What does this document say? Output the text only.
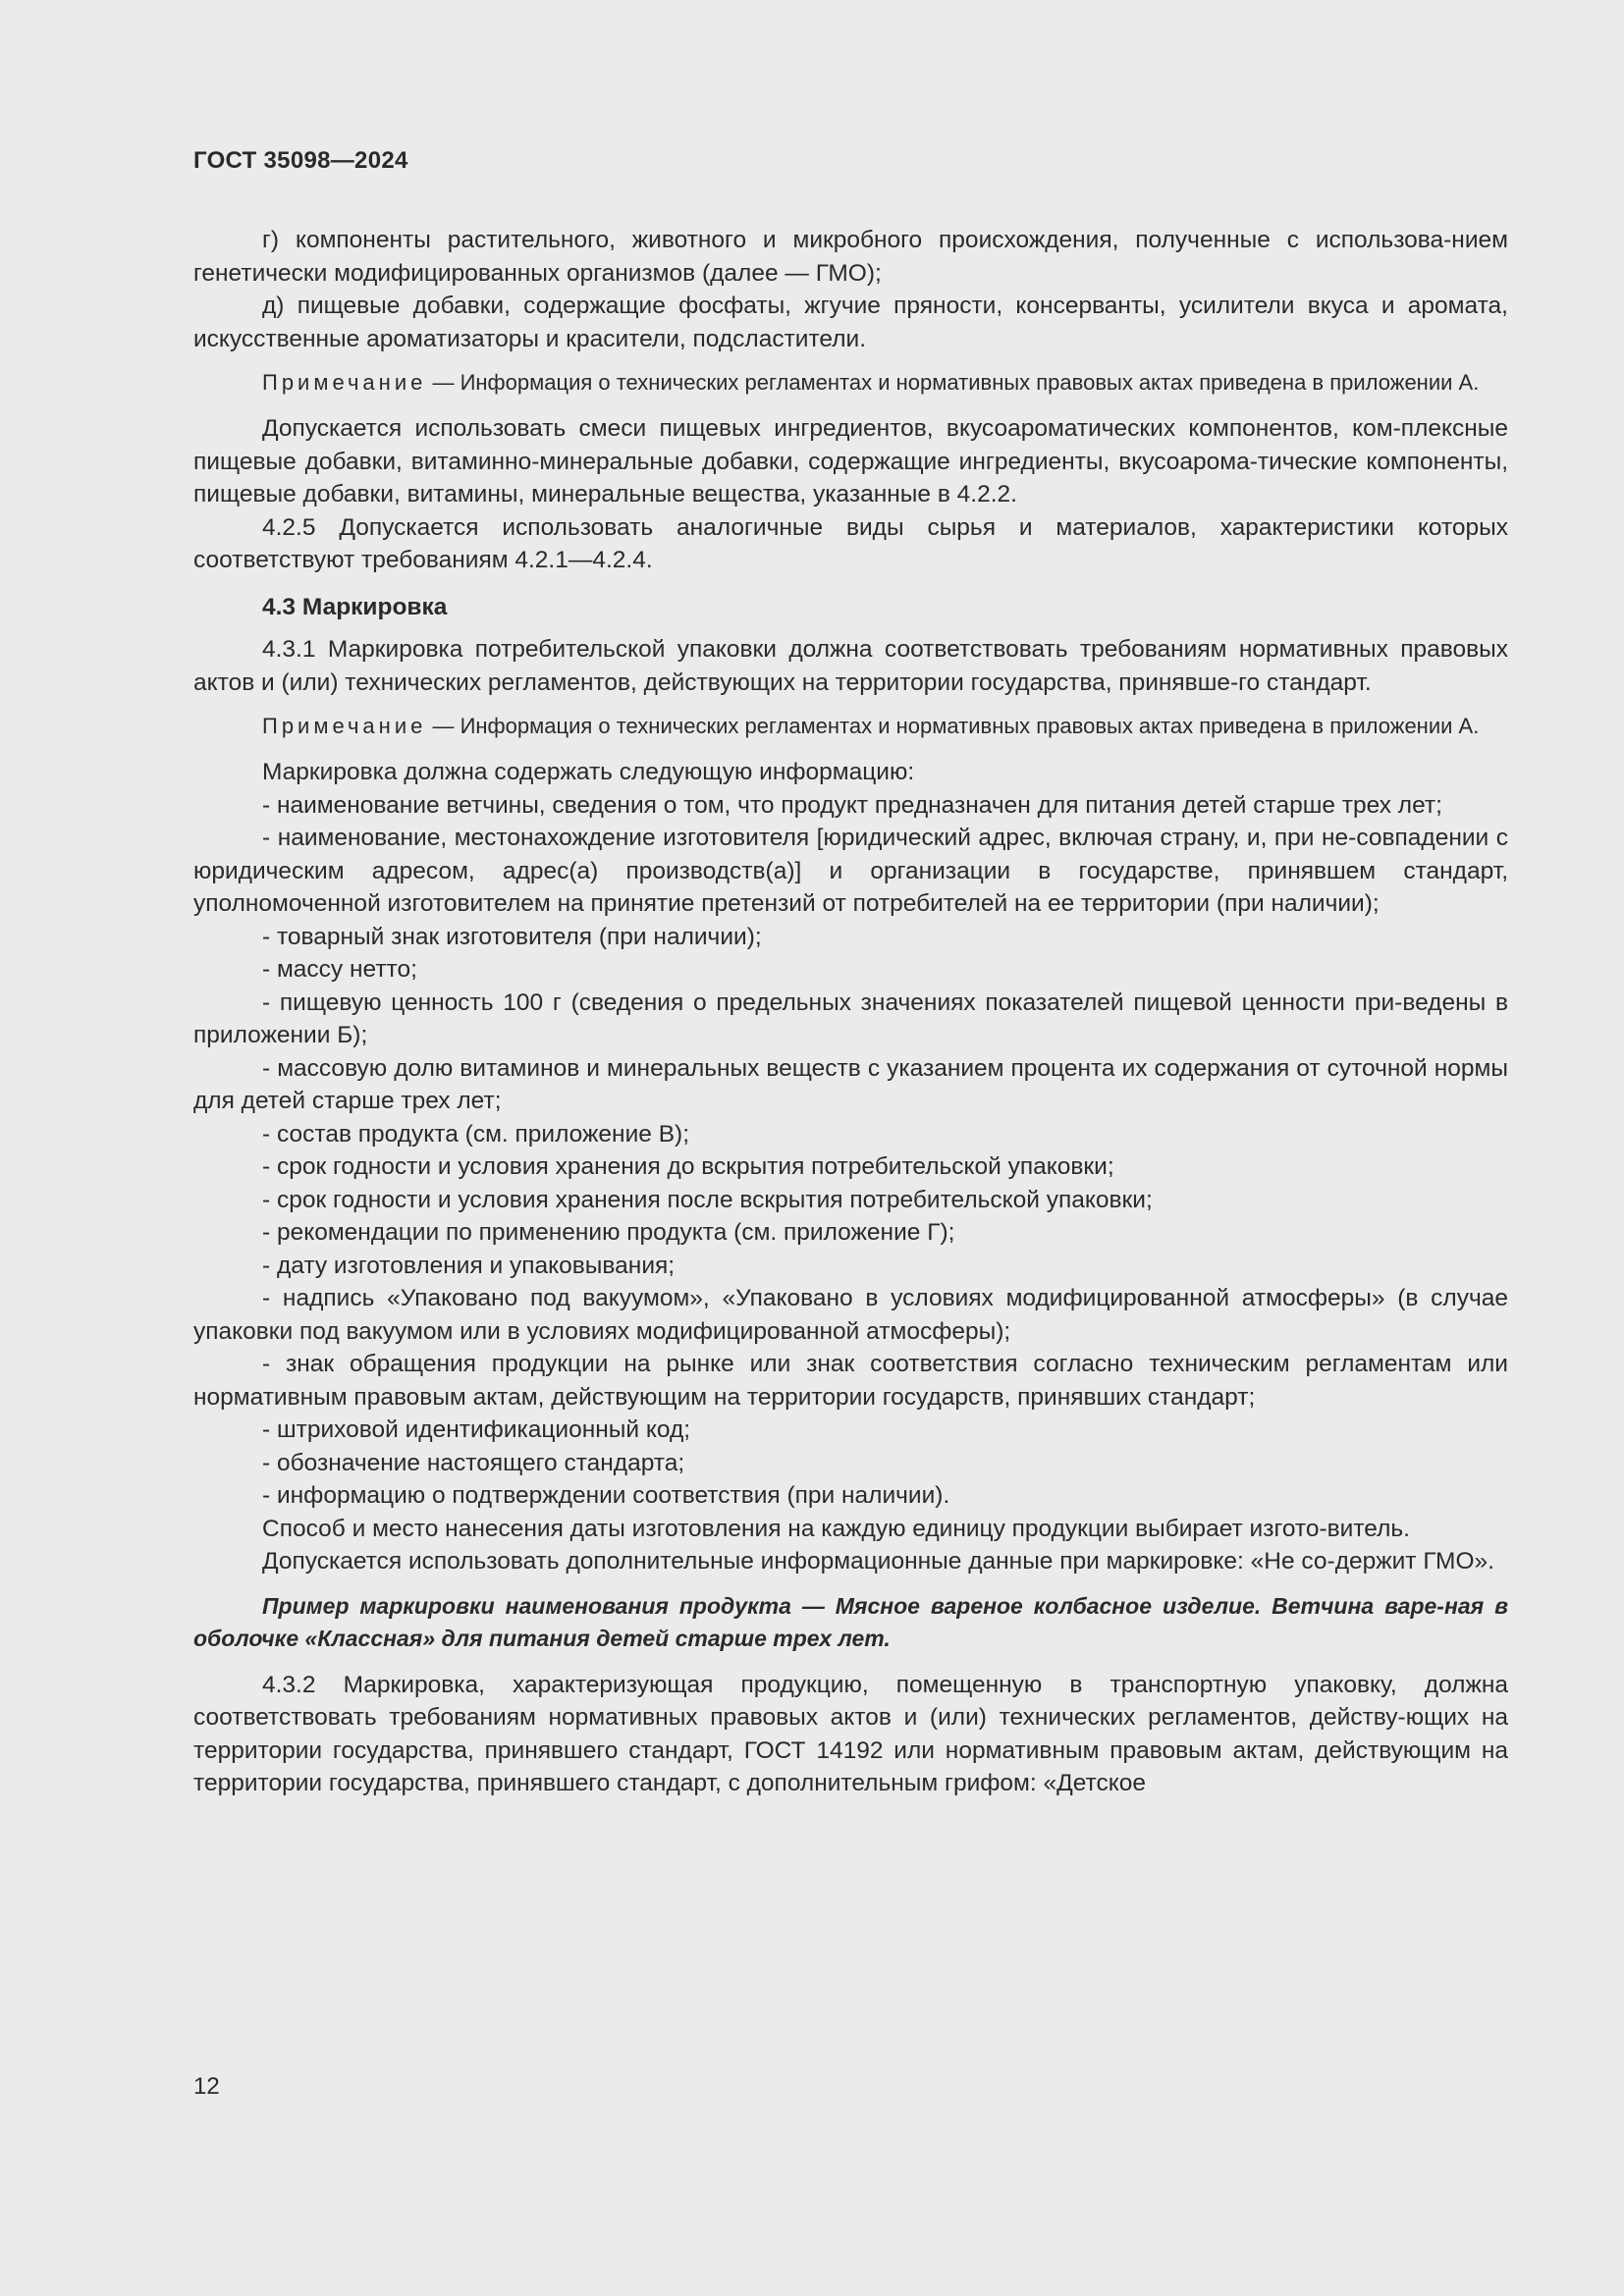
ГОСТ 35098—2024

г) компоненты растительного, животного и микробного происхождения, полученные с использова-нием генетически модифицированных организмов (далее — ГМО);

д) пищевые добавки, содержащие фосфаты, жгучие пряности, консерванты, усилители вкуса и аромата, искусственные ароматизаторы и красители, подсластители.

Примечание — Информация о технических регламентах и нормативных правовых актах приведена в приложении А.

Допускается использовать смеси пищевых ингредиентов, вкусоароматических компонентов, ком-плексные пищевые добавки, витаминно-минеральные добавки, содержащие ингредиенты, вкусоарома-тические компоненты, пищевые добавки, витамины, минеральные вещества, указанные в 4.2.2.

4.2.5 Допускается использовать аналогичные виды сырья и материалов, характеристики которых соответствуют требованиям 4.2.1—4.2.4.

4.3 Маркировка

4.3.1 Маркировка потребительской упаковки должна соответствовать требованиям нормативных правовых актов и (или) технических регламентов, действующих на территории государства, принявше-го стандарт.

Примечание — Информация о технических регламентах и нормативных правовых актах приведена в приложении А.

Маркировка должна содержать следующую информацию:

- наименование ветчины, сведения о том, что продукт предназначен для питания детей старше трех лет;

- наименование, местонахождение изготовителя [юридический адрес, включая страну, и, при не-совпадении с юридическим адресом, адрес(а) производств(а)] и организации в государстве, принявшем стандарт, уполномоченной изготовителем на принятие претензий от потребителей на ее территории (при наличии);

- товарный знак изготовителя (при наличии);

- массу нетто;

- пищевую ценность 100 г (сведения о предельных значениях показателей пищевой ценности при-ведены в приложении Б);

- массовую долю витаминов и минеральных веществ с указанием процента их содержания от суточной нормы для детей старше трех лет;

- состав продукта (см. приложение В);

- срок годности и условия хранения до вскрытия потребительской упаковки;

- срок годности и условия хранения после вскрытия потребительской упаковки;

- рекомендации по применению продукта (см. приложение Г);

- дату изготовления и упаковывания;

- надпись «Упаковано под вакуумом», «Упаковано в условиях модифицированной атмосферы» (в случае упаковки под вакуумом или в условиях модифицированной атмосферы);

- знак обращения продукции на рынке или знак соответствия согласно техническим регламентам или нормативным правовым актам, действующим на территории государств, принявших стандарт;

- штриховой идентификационный код;

- обозначение настоящего стандарта;

- информацию о подтверждении соответствия (при наличии).

Способ и место нанесения даты изготовления на каждую единицу продукции выбирает изгото-витель.

Допускается использовать дополнительные информационные данные при маркировке: «Не со-держит ГМО».

Пример маркировки наименования продукта — Мясное вареное колбасное изделие. Ветчина варе-ная в оболочке «Классная» для питания детей старше трех лет.

4.3.2 Маркировка, характеризующая продукцию, помещенную в транспортную упаковку, должна соответствовать требованиям нормативных правовых актов и (или) технических регламентов, действу-ющих на территории государства, принявшего стандарт, ГОСТ 14192 или нормативным правовым актам, действующим на территории государства, принявшего стандарт, с дополнительным грифом: «Детское

12
